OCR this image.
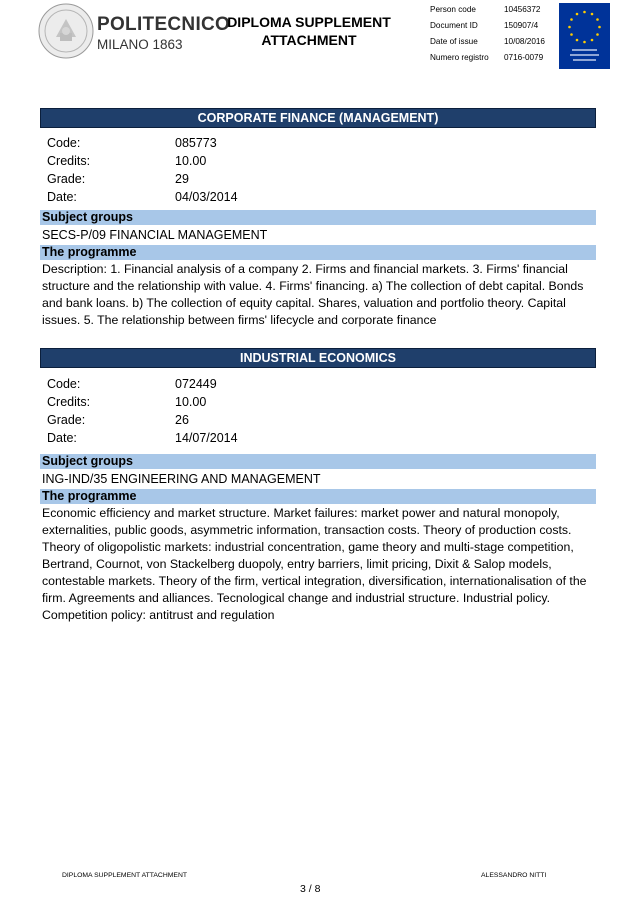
POLITECNICO
MILANO 1863
DIPLOMA SUPPLEMENT ATTACHMENT
Person code	10456372
Document ID	150907/4
Date of issue	10/08/2016
Numero registro 0716-0079
CORPORATE FINANCE (MANAGEMENT)
Code:	085773
Credits:	10.00
Grade:	29
Date:	04/03/2014
Subject groups
SECS-P/09 FINANCIAL MANAGEMENT
The programme
Description: 1. Financial analysis of a company 2. Firms and financial markets. 3. Firms' financial structure and the relationship with value. 4. Firms' financing. a) The collection of debt capital. Bonds and bank loans. b) The collection of equity capital. Shares, valuation and portfolio theory. Capital issues. 5. The relationship between firms' lifecycle and corporate finance
INDUSTRIAL ECONOMICS
Code:	072449
Credits:	10.00
Grade:	26
Date:	14/07/2014
Subject groups
ING-IND/35 ENGINEERING AND MANAGEMENT
The programme
Economic efficiency and market structure. Market failures: market power and natural monopoly, externalities, public goods, asymmetric information, transaction costs. Theory of production costs. Theory of oligopolistic markets: industrial concentration, game theory and multi-stage competition, Bertrand, Cournot, von Stackelberg duopoly, entry barriers, limit pricing, Dixit & Salop models, contestable markets. Theory of the firm, vertical integration, diversification, internationalisation of the firm. Agreements and alliances. Tecnological change and industrial structure. Industrial policy. Competition policy: antitrust and regulation
DIPLOMA SUPPLEMENT ATTACHMENT	ALESSANDRO NITTI
3 / 8
